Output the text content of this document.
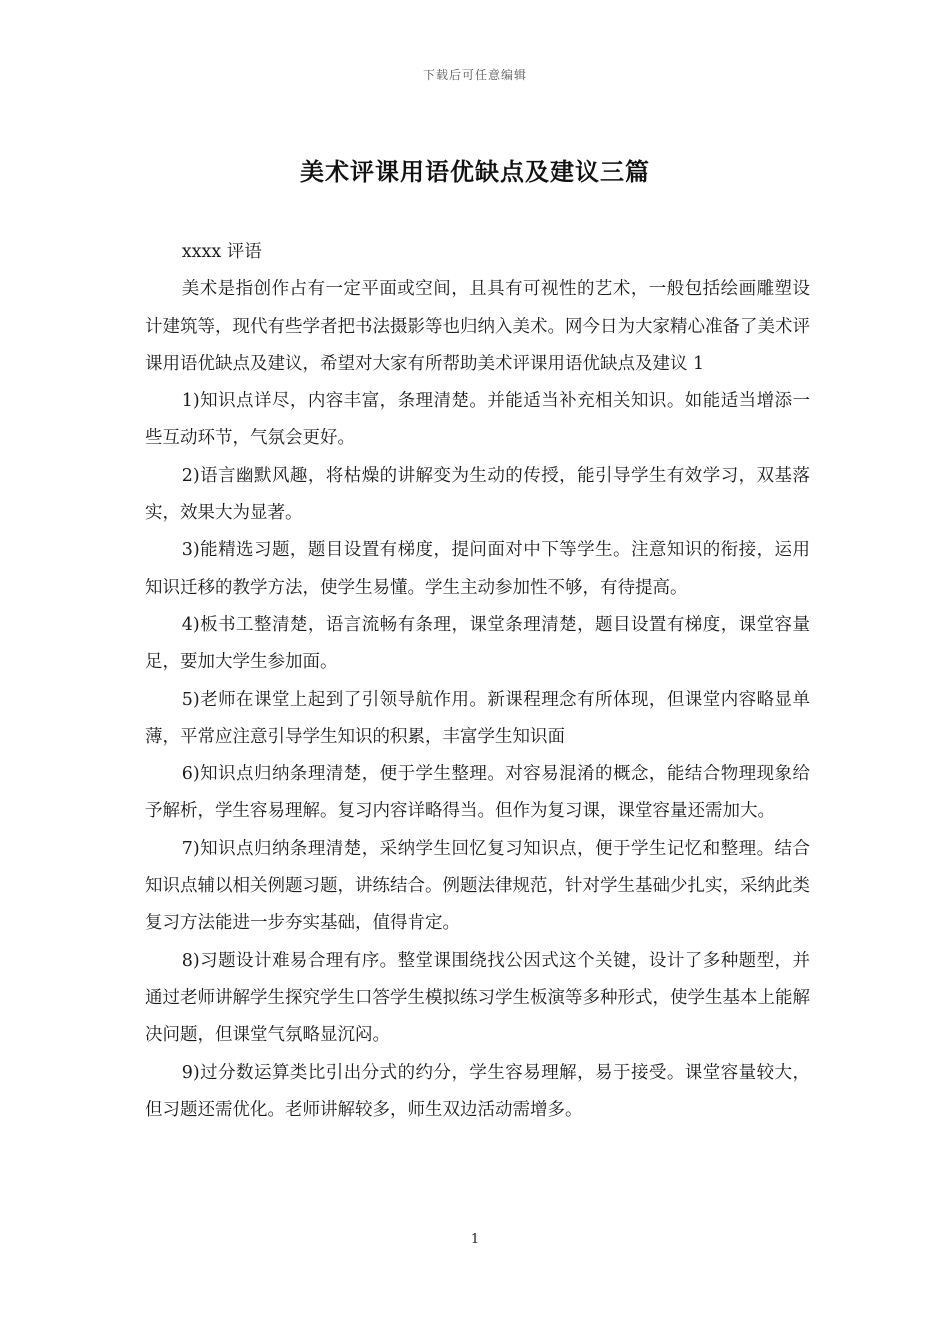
下载后可任意编辑
美术评课用语优缺点及建议三篇

xxxx 评语

美术是指创作占有一定平面或空间，且具有可视性的艺术，一般包括绘画雕塑设计建筑等，现代有些学者把书法摄影等也归纳入美术。网今日为大家精心准备了美术评课用语优缺点及建议，希望对大家有所帮助美术评课用语优缺点及建议 1

1)知识点详尽，内容丰富，条理清楚。并能适当补充相关知识。如能适当增添一些互动环节，气氛会更好。

2)语言幽默风趣，将枯燥的讲解变为生动的传授，能引导学生有效学习，双基落实，效果大为显著。

3)能精选习题，题目设置有梯度，提问面对中下等学生。注意知识的衔接，运用知识迁移的教学方法，使学生易懂。学生主动参加性不够，有待提高。

4)板书工整清楚，语言流畅有条理，课堂条理清楚，题目设置有梯度，课堂容量足，要加大学生参加面。

5)老师在课堂上起到了引领导航作用。新课程理念有所体现，但课堂内容略显单薄，平常应注意引导学生知识的积累，丰富学生知识面

6)知识点归纳条理清楚，便于学生整理。对容易混淆的概念，能结合物理现象给予解析，学生容易理解。复习内容详略得当。但作为复习课，课堂容量还需加大。

7)知识点归纳条理清楚，采纳学生回忆复习知识点，便于学生记忆和整理。结合知识点辅以相关例题习题，讲练结合。例题法律规范，针对学生基础少扎实，采纳此类复习方法能进一步夯实基础，值得肯定。

8)习题设计难易合理有序。整堂课围绕找公因式这个关键，设计了多种题型，并通过老师讲解学生探究学生口答学生模拟练习学生板演等多种形式，使学生基本上能解决问题，但课堂气氛略显沉闷。

9)过分数运算类比引出分式的约分，学生容易理解，易于接受。课堂容量较大，但习题还需优化。老师讲解较多，师生双边活动需增多。

1
